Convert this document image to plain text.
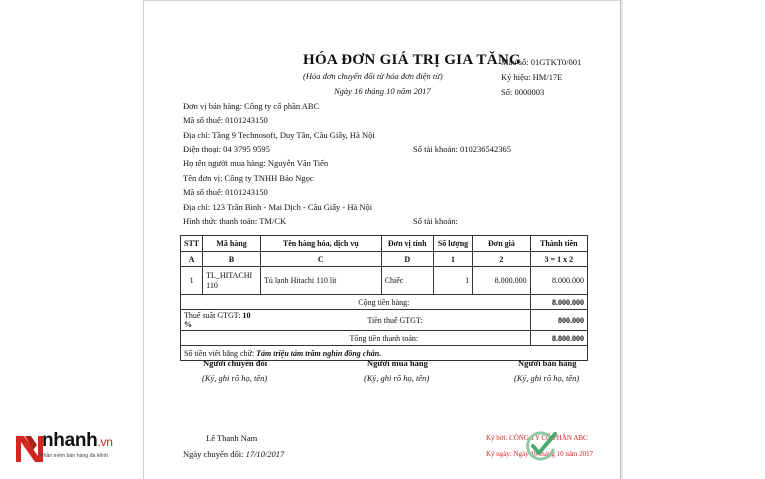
HÓA ĐƠN GIÁ TRỊ GIA TĂNG
(Hóa đơn chuyển đổi từ hóa đơn điện tử)
Ngày 16 tháng 10 năm 2017
Mẫu số: 01GTKT0/001
Ký hiệu: HM/17E
Số: 0000003
Đơn vị bán hàng: Công ty cổ phần ABC
Mã số thuế: 0101243150
Địa chỉ: Tầng 9 Technosoft, Duy Tân, Cầu Giấy, Hà Nội
Điện thoại: 04 3795 9595	Số tài khoản: 010236542365
Họ tên người mua hàng: Nguyễn Văn Tiến
Tên đơn vị: Công ty TNHH Bảo Ngọc
Mã số thuế: 0101243150
Địa chỉ: 123 Trần Bình - Mai Dịch - Cầu Giấy - Hà Nội
Hình thức thanh toán: TM/CK	Số tài khoản:
STT	Mã hàng	Tên hàng hóa, dịch vụ	Đơn vị tính	Số lượng	Đơn giá	Thành tiền
A	B	C	D	1	2	3 = 1 x 2
1	TL_HITACHI 110	Tủ lạnh Hitachi 110 lít	Chiếc	1	8.000.000	8.000.000
Cộng tiền hàng:						8.000.000
Thuế suất GTGT: 10 %		Tiền thuế GTGT:				800.000
Tổng tiền thanh toán:						8.800.000
Số tiền viết bằng chữ: Tám triệu tám trăm nghìn đồng chẵn.						
Người chuyển đổi	Người mua hàng	Người bán hàng
(Ký, ghi rõ họ, tên)	(Ký, ghi rõ họ, tên)	(Ký, ghi rõ họ, tên)
Lê Thanh Nam
Ngày chuyển đổi: 17/10/2017
Ký bởi: CÔNG TY CỔ PHẦN ABC
Ký ngày: Ngày 16 tháng 10 năm 2017
nhanh.vn
Phần mềm bán hàng đa kênh
